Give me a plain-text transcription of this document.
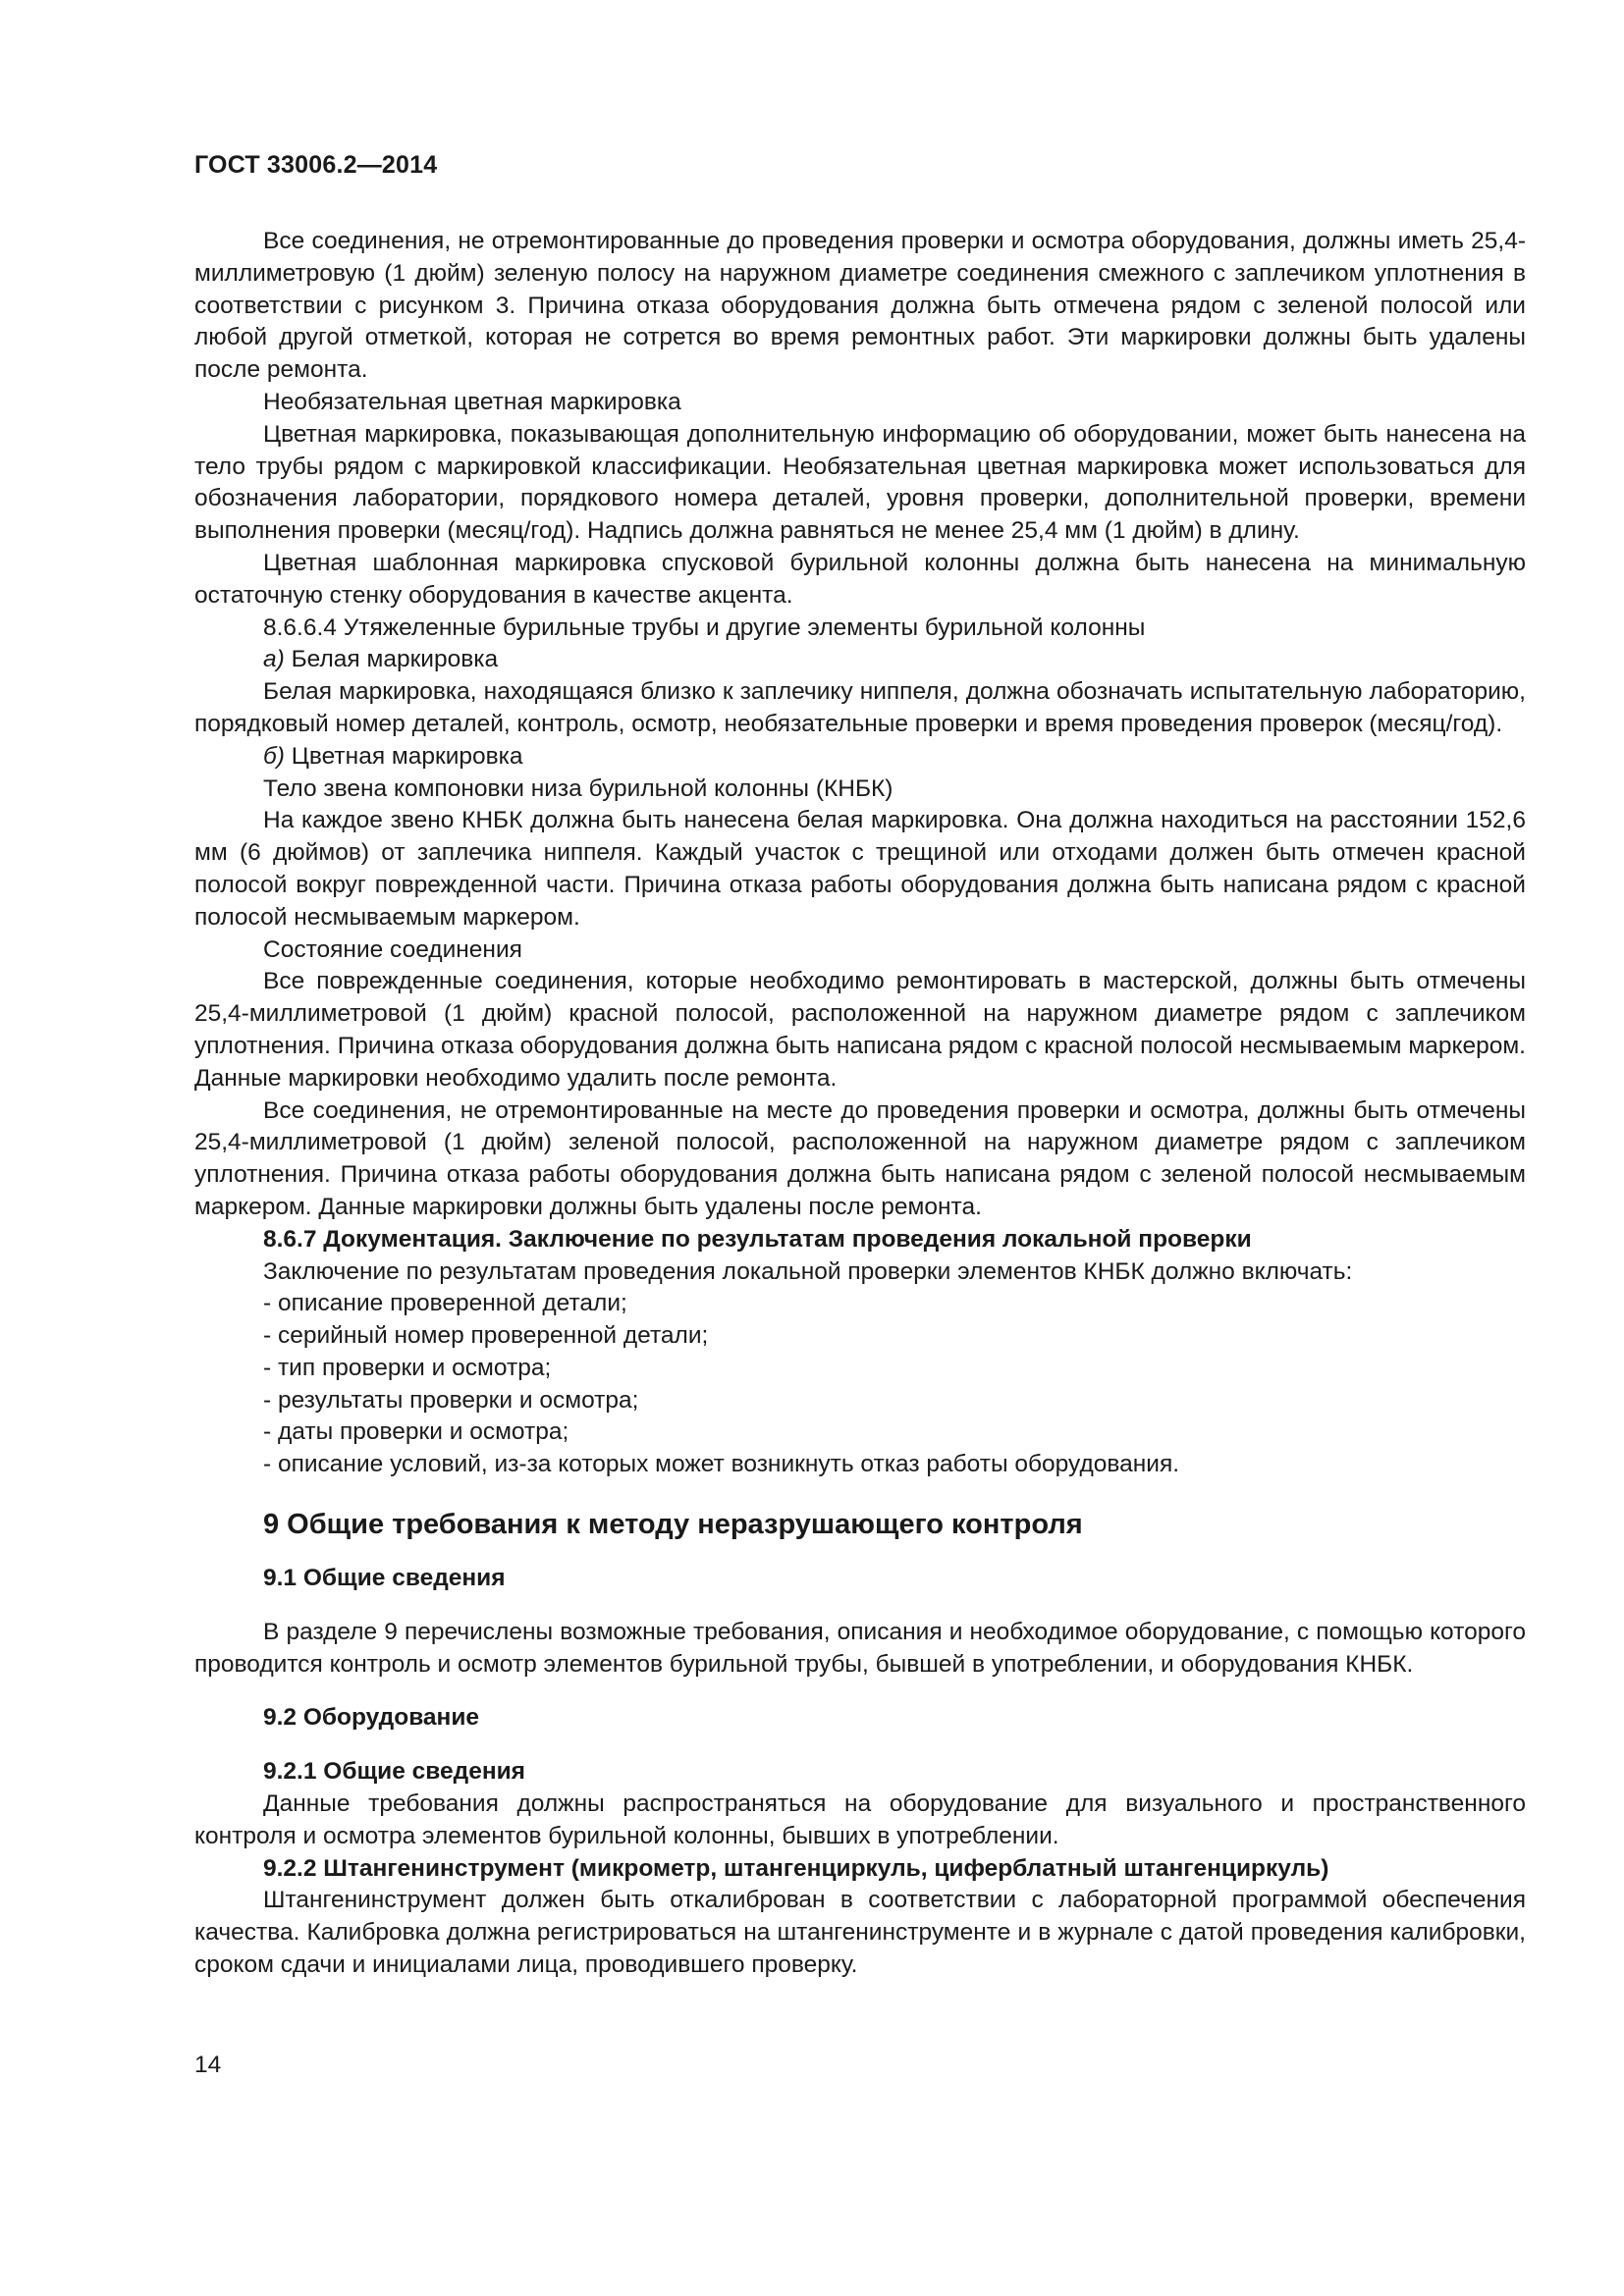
ГОСТ 33006.2—2014

Все соединения, не отремонтированные до проведения проверки и осмотра оборудования, должны иметь 25,4-миллиметровую (1 дюйм) зеленую полосу на наружном диаметре соединения смежного с заплечиком уплотнения в соответствии с рисунком 3. Причина отказа оборудования должна быть отмечена рядом с зеленой полосой или любой другой отметкой, которая не сотрется во время ремонтных работ. Эти маркировки должны быть удалены после ремонта.

Необязательная цветная маркировка

Цветная маркировка, показывающая дополнительную информацию об оборудовании, может быть нанесена на тело трубы рядом с маркировкой классификации. Необязательная цветная маркировка может использоваться для обозначения лаборатории, порядкового номера деталей, уровня проверки, дополнительной проверки, времени выполнения проверки (месяц/год). Надпись должна равняться не менее 25,4 мм (1 дюйм) в длину.

Цветная шаблонная маркировка спусковой бурильной колонны должна быть нанесена на минимальную остаточную стенку оборудования в качестве акцента.

8.6.6.4 Утяжеленные бурильные трубы и другие элементы бурильной колонны

а) Белая маркировка

Белая маркировка, находящаяся близко к заплечику ниппеля, должна обозначать испытательную лабораторию, порядковый номер деталей, контроль, осмотр, необязательные проверки и время проведения проверок (месяц/год).

б) Цветная маркировка

Тело звена компоновки низа бурильной колонны (КНБК)

На каждое звено КНБК должна быть нанесена белая маркировка. Она должна находиться на расстоянии 152,6 мм (6 дюймов) от заплечика ниппеля. Каждый участок с трещиной или отходами должен быть отмечен красной полосой вокруг поврежденной части. Причина отказа работы оборудования должна быть написана рядом с красной полосой несмываемым маркером.

Состояние соединения

Все поврежденные соединения, которые необходимо ремонтировать в мастерской, должны быть отмечены 25,4-миллиметровой (1 дюйм) красной полосой, расположенной на наружном диаметре рядом с заплечиком уплотнения. Причина отказа оборудования должна быть написана рядом с красной полосой несмываемым маркером. Данные маркировки необходимо удалить после ремонта.

Все соединения, не отремонтированные на месте до проведения проверки и осмотра, должны быть отмечены 25,4-миллиметровой (1 дюйм) зеленой полосой, расположенной на наружном диаметре рядом с заплечиком уплотнения. Причина отказа работы оборудования должна быть написана рядом с зеленой полосой несмываемым маркером. Данные маркировки должны быть удалены после ремонта.

8.6.7 Документация. Заключение по результатам проведения локальной проверки

Заключение по результатам проведения локальной проверки элементов КНБК должно включать:

- описание проверенной детали;

- серийный номер проверенной детали;

- тип проверки и осмотра;

- результаты проверки и осмотра;

- даты проверки и осмотра;

- описание условий, из-за которых может возникнуть отказ работы оборудования.

9 Общие требования к методу неразрушающего контроля
9.1 Общие сведения

В разделе 9 перечислены возможные требования, описания и необходимое оборудование, с помощью которого проводится контроль и осмотр элементов бурильной трубы, бывшей в употреблении, и оборудования КНБК.

9.2 Оборудование
9.2.1 Общие сведения

Данные требования должны распространяться на оборудование для визуального и пространственного контроля и осмотра элементов бурильной колонны, бывших в употреблении.

9.2.2 Штангенинструмент (микрометр, штангенциркуль, циферблатный штангенциркуль)

Штангенинструмент должен быть откалиброван в соответствии с лабораторной программой обеспечения качества. Калибровка должна регистрироваться на штангенинструменте и в журнале с датой проведения калибровки, сроком сдачи и инициалами лица, проводившего проверку.

14
